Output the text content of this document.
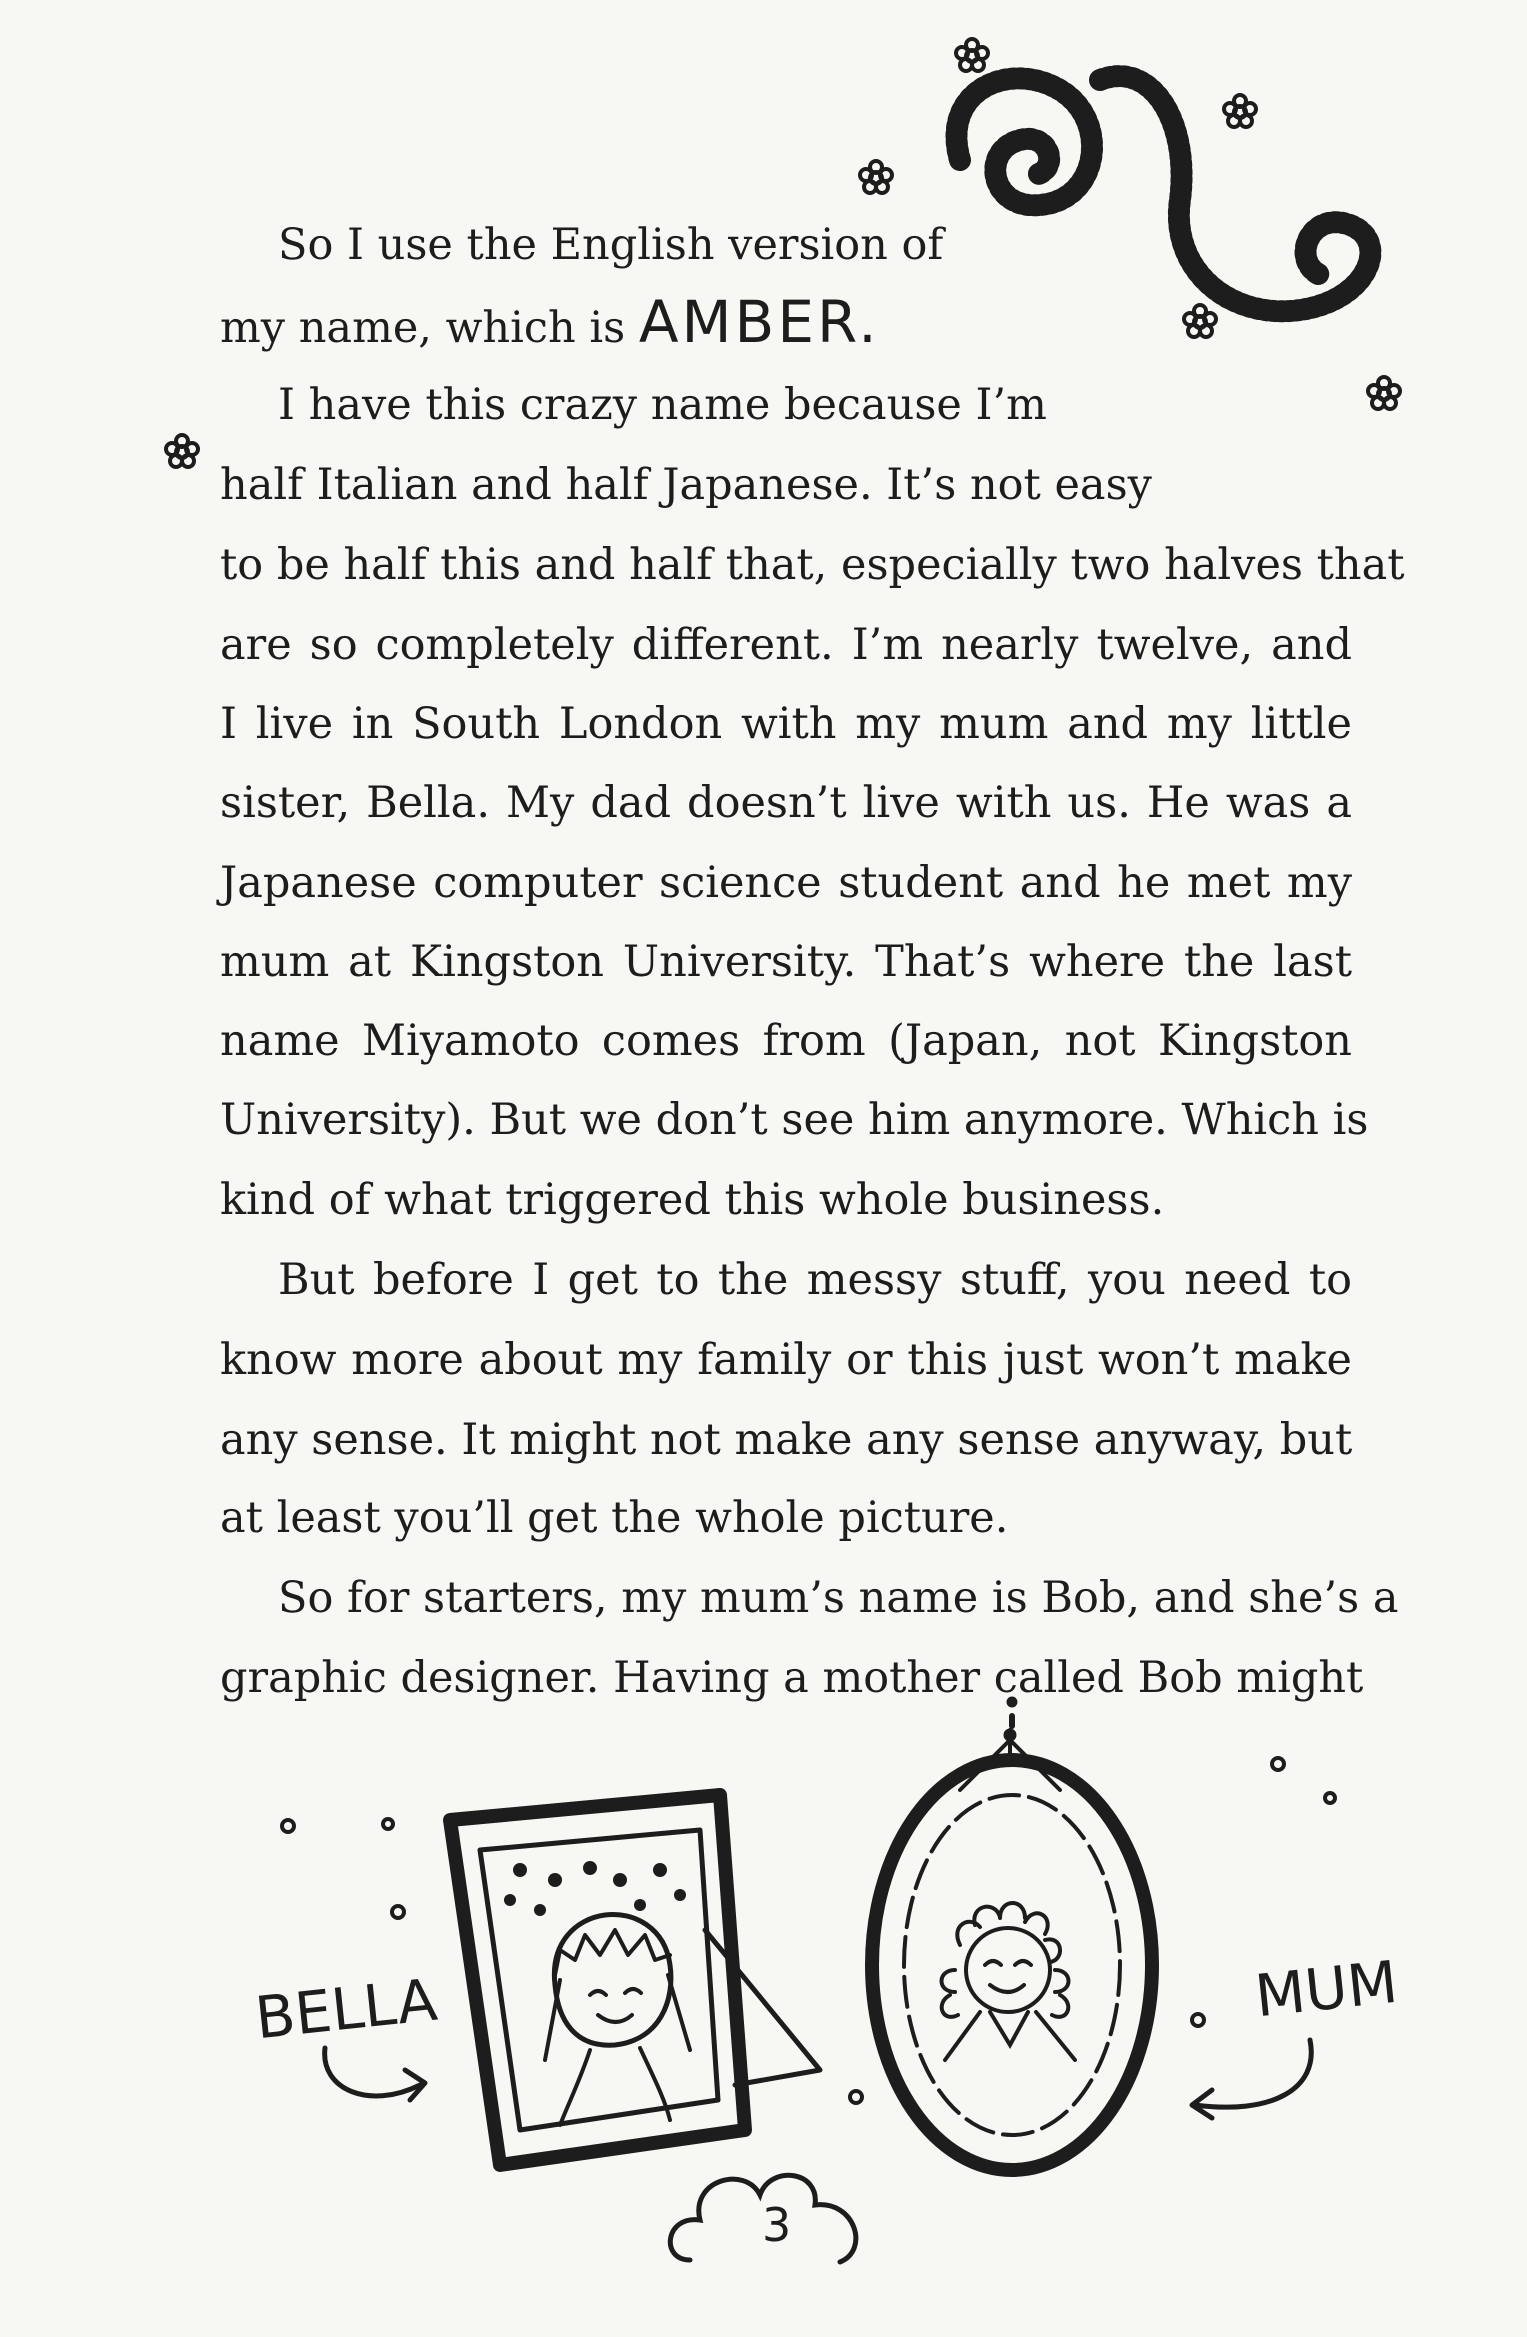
So I use the English version of
my name, which is AMBER.
I have this crazy name because I’m
half Italian and half Japanese. It’s not easy
to be half this and half that, especially two halves that
are so completely different. I’m nearly twelve, and
I live in South London with my mum and my little
sister, Bella. My dad doesn’t live with us. He was a
Japanese computer science student and he met my
mum at Kingston University. That’s where the last
name Miyamoto comes from (Japan, not Kingston
University). But we don’t see him anymore. Which is
kind of what triggered this whole business.
But before I get to the messy stuff, you need to
know more about my family or this just won’t make
any sense. It might not make any sense anyway, but
at least you’ll get the whole picture.
So for starters, my mum’s name is Bob, and she’s a
graphic designer. Having a mother called Bob might
BELLA	MUM
3
